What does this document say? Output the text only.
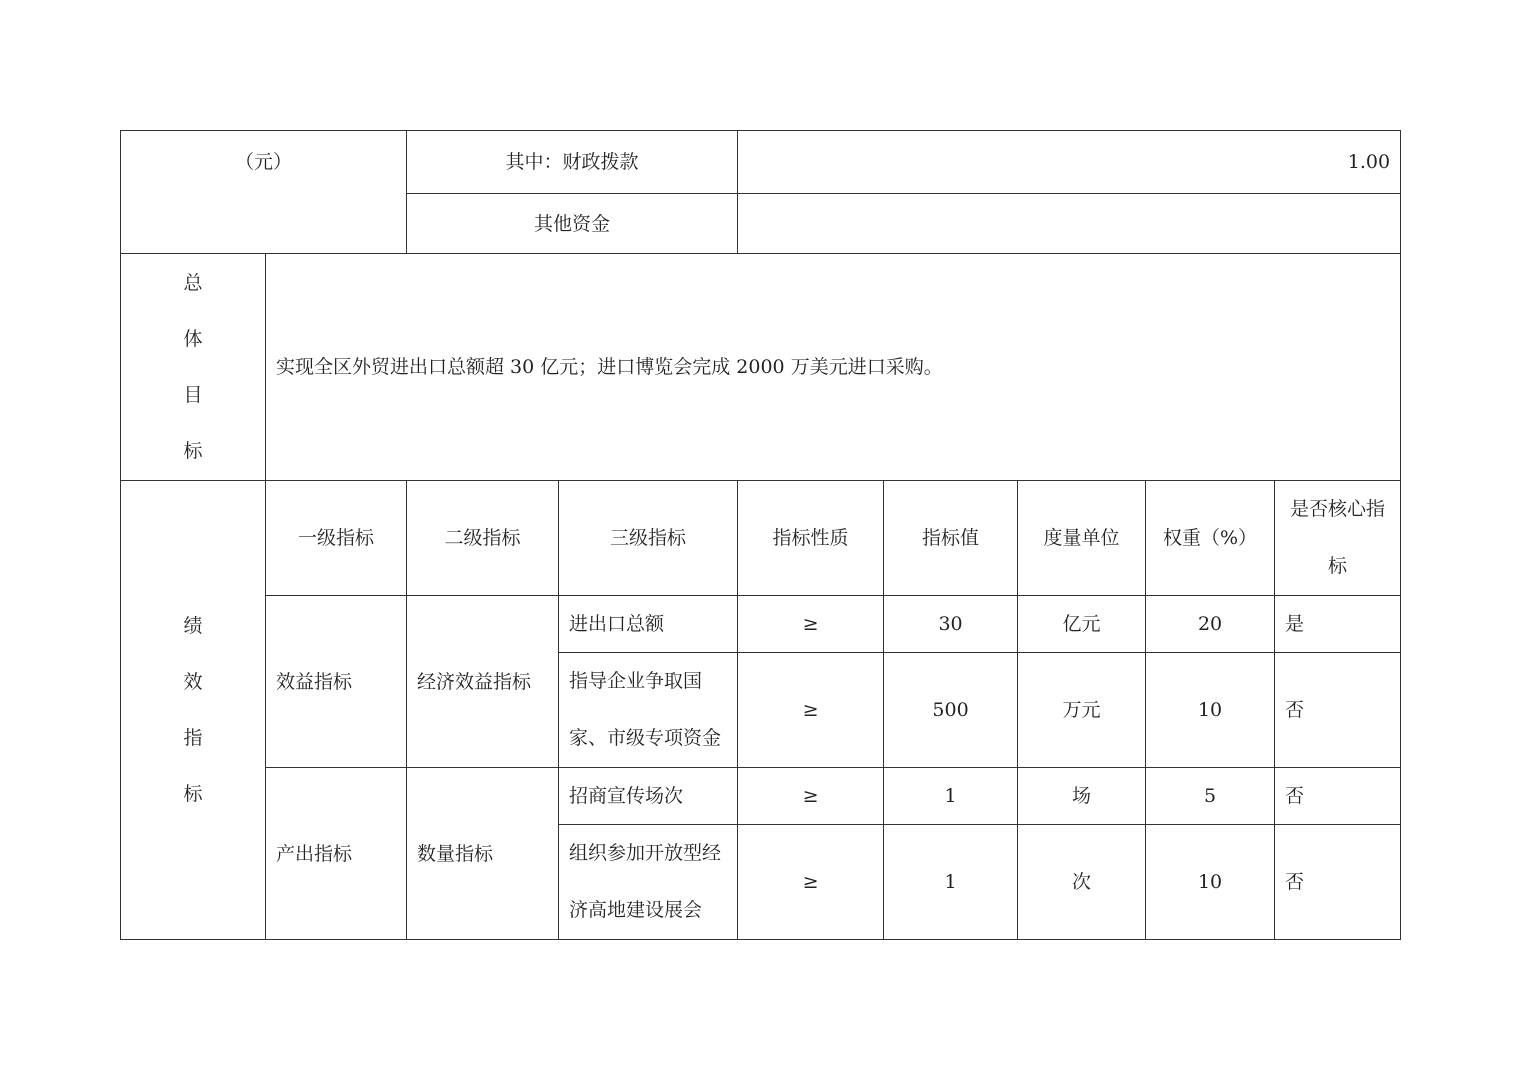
（元）		其中：财政拨款		1.00				
		其他资金						

总
体
目
标	实现全区外贸进出口总额超 30 亿元；进口博览会完成 2000 万美元进口采购。							

绩
效
指
标	一级指标	二级指标	三级指标	指标性质	指标值	度量单位	权重（%）	是否核心指标
	效益指标	经济效益指标	进出口总额	≥	30	亿元	20	是
			指导企业争取国家、市级专项资金	≥	500	万元	10	否
	产出指标	数量指标	招商宣传场次	≥	1	场	5	否
			组织参加开放型经济高地建设展会	≥	1	次	10	否
